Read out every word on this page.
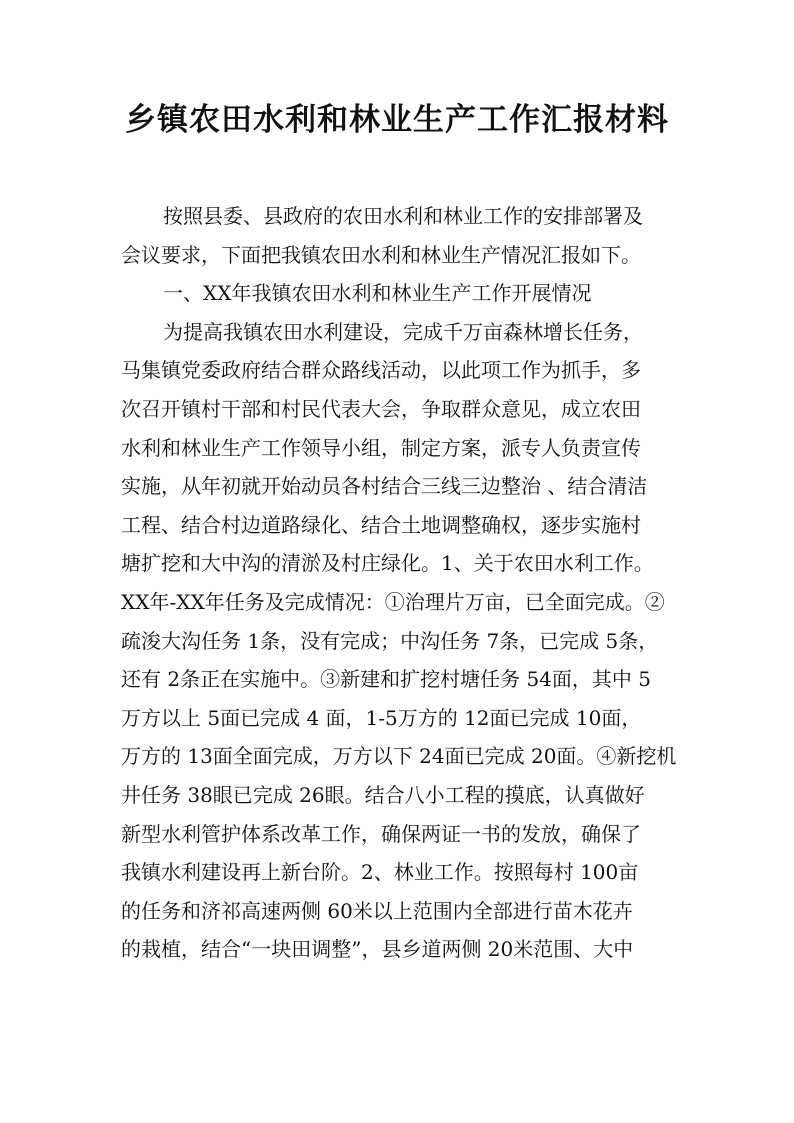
乡镇农田水利和林业生产工作汇报材料
按照县委、县政府的农田水利和林业工作的安排部署及
会议要求，下面把我镇农田水利和林业生产情况汇报如下。
一、XX年我镇农田水利和林业生产工作开展情况
为提高我镇农田水利建设，完成千万亩森林增长任务，
马集镇党委政府结合群众路线活动，以此项工作为抓手，多
次召开镇村干部和村民代表大会，争取群众意见，成立农田
水利和林业生产工作领导小组，制定方案，派专人负责宣传
实施，从年初就开始动员各村结合三线三边整治 、结合清洁
工程、结合村边道路绿化、结合土地调整确权，逐步实施村
塘扩挖和大中沟的清淤及村庄绿化。1、关于农田水利工作。
XX年-XX年任务及完成情况：①治理片万亩，已全面完成。②
疏浚大沟任务 1条，没有完成；中沟任务 7条，已完成 5条，
还有 2条正在实施中。③新建和扩挖村塘任务 54面，其中 5
万方以上 5面已完成 4 面，1-5万方的 12面已完成 10面，
万方的 13面全面完成，万方以下 24面已完成 20面。④新挖机
井任务 38眼已完成 26眼。结合八小工程的摸底，认真做好
新型水利管护体系改革工作，确保两证一书的发放，确保了
我镇水利建设再上新台阶。2、林业工作。按照每村 100亩
的任务和济祁高速两侧 60米以上范围内全部进行苗木花卉
的栽植，结合“一块田调整”，县乡道两侧 20米范围、大中
